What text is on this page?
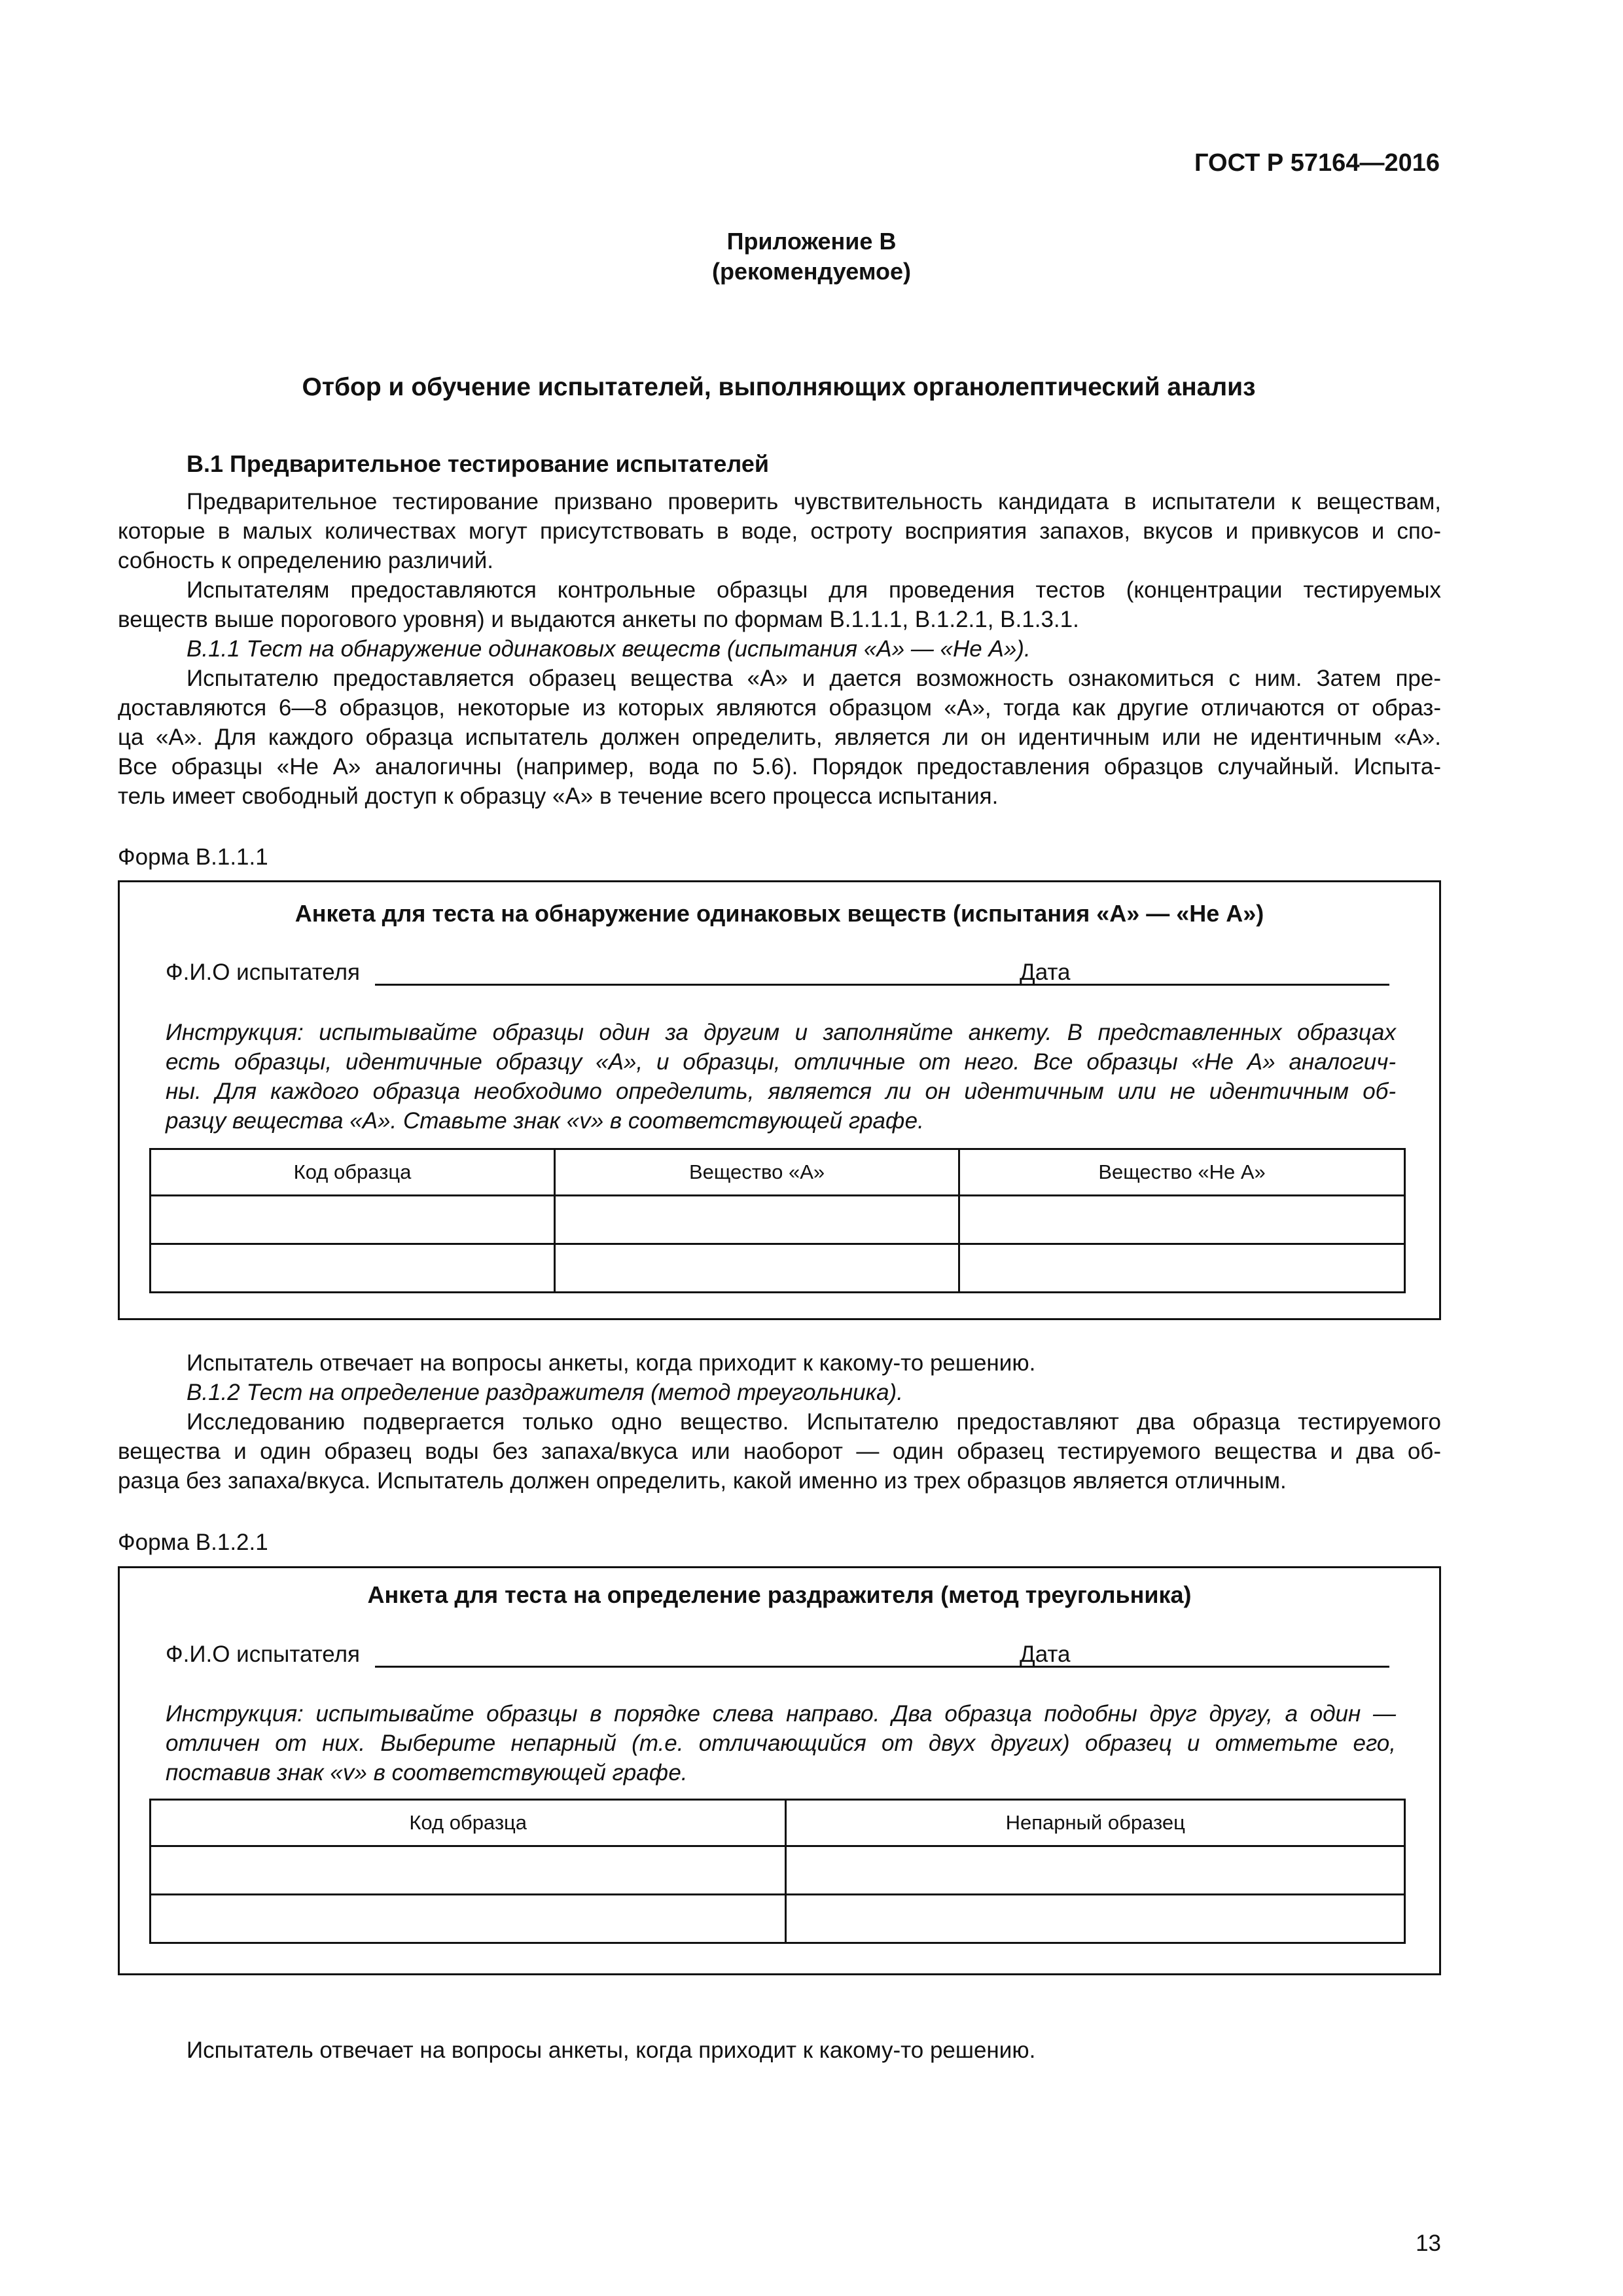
ГОСТ Р 57164—2016
Приложение В
(рекомендуемое)
Отбор и обучение испытателей, выполняющих органолептический анализ
В.1 Предварительное тестирование испытателей
Предварительное тестирование призвано проверить чувствительность кандидата в испытатели к веществам,
которые в малых количествах могут присутствовать в воде, остроту восприятия запахов, вкусов и привкусов и спо-
собность к определению различий.
Испытателям предоставляются контрольные образцы для проведения тестов (концентрации тестируемых
веществ выше порогового уровня) и выдаются анкеты по формам В.1.1.1, В.1.2.1, В.1.3.1.
В.1.1 Тест на обнаружение одинаковых веществ (испытания «А» — «Не А»).
Испытателю предоставляется образец вещества «А» и дается возможность ознакомиться с ним. Затем пре-
доставляются 6—8 образцов, некоторые из которых являются образцом «А», тогда как другие отличаются от образ-
ца «А». Для каждого образца испытатель должен определить, является ли он идентичным или не идентичным «А».
Все образцы «Не А» аналогичны (например, вода по 5.6). Порядок предоставления образцов случайный. Испыта-
тель имеет свободный доступ к образцу «А» в течение всего процесса испытания.
Форма В.1.1.1
Анкета для теста на обнаружение одинаковых веществ (испытания «А» — «Не А»)
Ф.И.О испытателя	Дата
Инструкция: испытывайте образцы один за другим и заполняйте анкету. В представленных образцах
есть образцы, идентичные образцу «А», и образцы, отличные от него. Все образцы «Не А» аналогич-
ны. Для каждого образца необходимо определить, является ли он идентичным или не идентичным об-
разцу вещества «А». Ставьте знак «v» в соответствующей графе.
Код образца	Вещество «А»	Вещество «Не А»

Испытатель отвечает на вопросы анкеты, когда приходит к какому-то решению.
В.1.2 Тест на определение раздражителя (метод треугольника).
Исследованию подвергается только одно вещество. Испытателю предоставляют два образца тестируемого
вещества и один образец воды без запаха/вкуса или наоборот — один образец тестируемого вещества и два об-
разца без запаха/вкуса. Испытатель должен определить, какой именно из трех образцов является отличным.
Форма В.1.2.1
Анкета для теста на определение раздражителя (метод треугольника)
Ф.И.О испытателя	Дата
Инструкция: испытывайте образцы в порядке слева направо. Два образца подобны друг другу, а один —
отличен от них. Выберите непарный (т.е. отличающийся от двух других) образец и отметьте его,
поставив знак «v» в соответствующей графе.
Код образца	Непарный образец

Испытатель отвечает на вопросы анкеты, когда приходит к какому-то решению.
13
